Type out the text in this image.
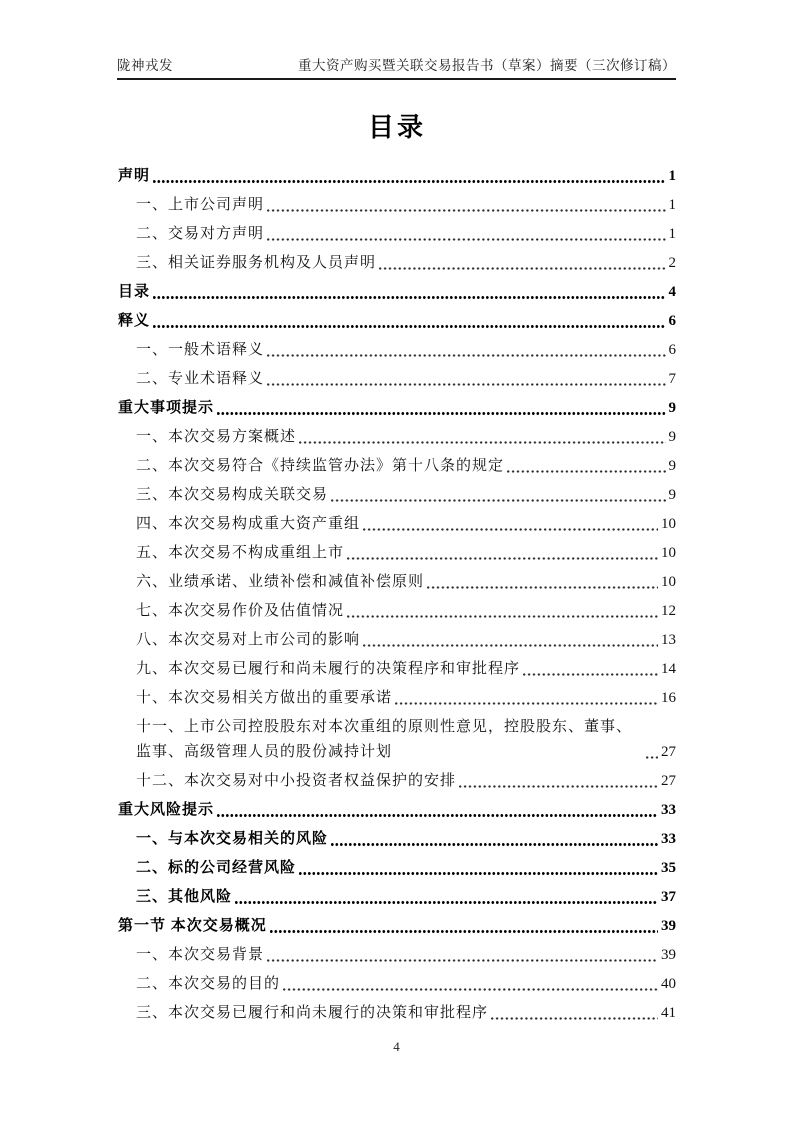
陇神戎发	重大资产购买暨关联交易报告书（草案）摘要（三次修订稿）
目录
声明	1
一、上市公司声明	1
二、交易对方声明	1
三、相关证券服务机构及人员声明	2
目录	4
释义	6
一、一般术语释义	6
二、专业术语释义	7
重大事项提示	9
一、本次交易方案概述	9
二、本次交易符合《持续监管办法》第十八条的规定	9
三、本次交易构成关联交易	9
四、本次交易构成重大资产重组	10
五、本次交易不构成重组上市	10
六、业绩承诺、业绩补偿和减值补偿原则	10
七、本次交易作价及估值情况	12
八、本次交易对上市公司的影响	13
九、本次交易已履行和尚未履行的决策程序和审批程序	14
十、本次交易相关方做出的重要承诺	16
十一、上市公司控股股东对本次重组的原则性意见，控股股东、董事、监事、高级管理人员的股份减持计划	27
十二、本次交易对中小投资者权益保护的安排	27
重大风险提示	33
一、与本次交易相关的风险	33
二、标的公司经营风险	35
三、其他风险	37
第一节 本次交易概况	39
一、本次交易背景	39
二、本次交易的目的	40
三、本次交易已履行和尚未履行的决策和审批程序	41
4
